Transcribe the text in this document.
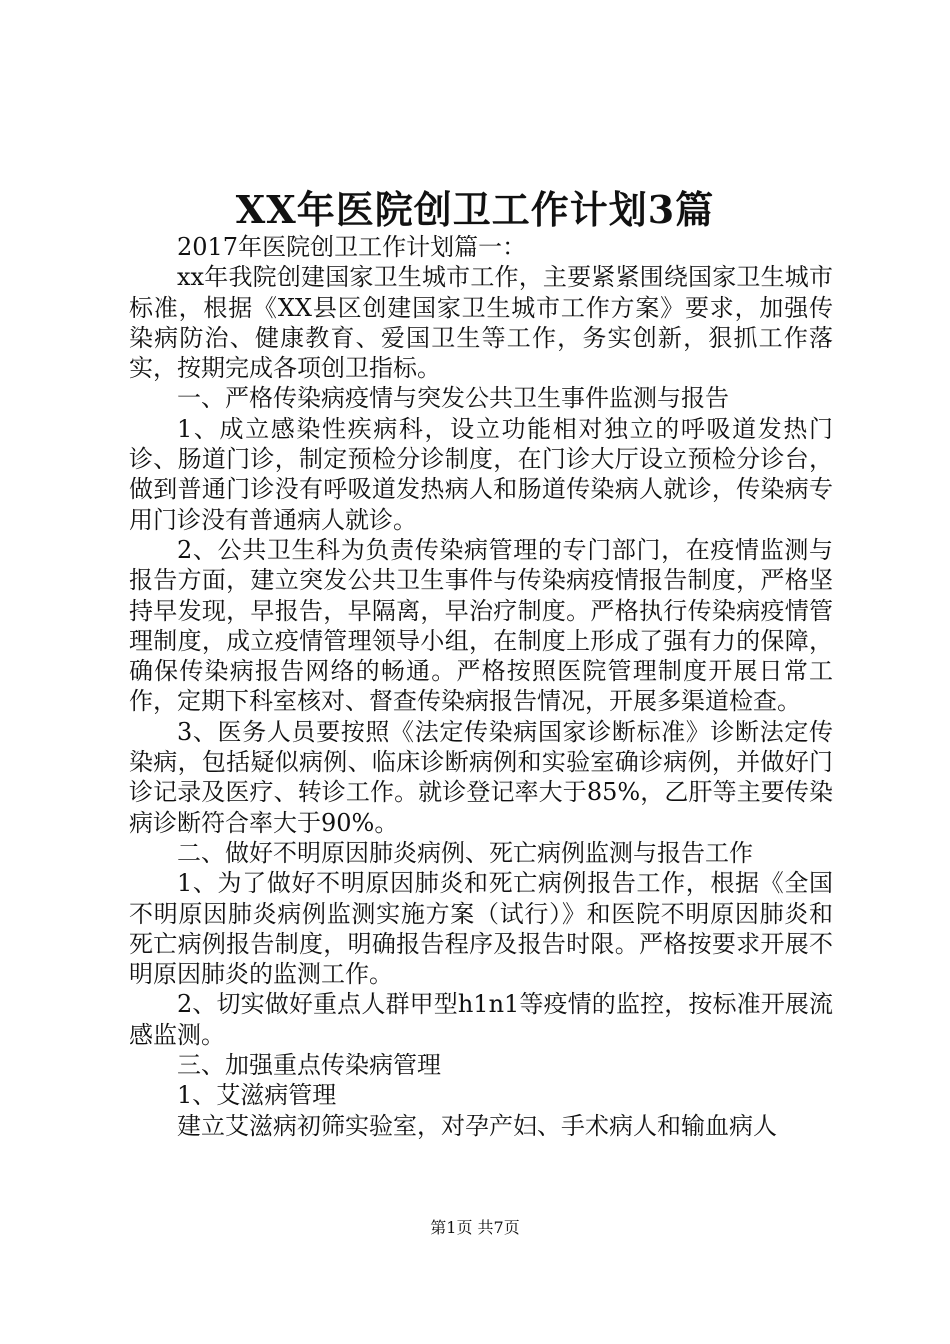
XX年医院创卫工作计划3篇

2017年医院创卫工作计划篇一：

xx年我院创建国家卫生城市工作，主要紧紧围绕国家卫生城市标准，根据《XX县区创建国家卫生城市工作方案》要求，加强传染病防治、健康教育、爱国卫生等工作，务实创新，狠抓工作落实，按期完成各项创卫指标。

一、严格传染病疫情与突发公共卫生事件监测与报告

1、成立感染性疾病科，设立功能相对独立的呼吸道发热门诊、肠道门诊，制定预检分诊制度，在门诊大厅设立预检分诊台，做到普通门诊没有呼吸道发热病人和肠道传染病人就诊，传染病专用门诊没有普通病人就诊。

2、公共卫生科为负责传染病管理的专门部门，在疫情监测与报告方面，建立突发公共卫生事件与传染病疫情报告制度，严格坚持早发现，早报告，早隔离，早治疗制度。严格执行传染病疫情管理制度，成立疫情管理领导小组，在制度上形成了强有力的保障，确保传染病报告网络的畅通。严格按照医院管理制度开展日常工作，定期下科室核对、督查传染病报告情况，开展多渠道检查。

3、医务人员要按照《法定传染病国家诊断标准》诊断法定传染病，包括疑似病例、临床诊断病例和实验室确诊病例，并做好门诊记录及医疗、转诊工作。就诊登记率大于85%，乙肝等主要传染病诊断符合率大于90%。

二、做好不明原因肺炎病例、死亡病例监测与报告工作

1、为了做好不明原因肺炎和死亡病例报告工作，根据《全国不明原因肺炎病例监测实施方案（试行）》和医院不明原因肺炎和死亡病例报告制度，明确报告程序及报告时限。严格按要求开展不明原因肺炎的监测工作。

2、切实做好重点人群甲型h1n1等疫情的监控，按标准开展流感监测。

三、加强重点传染病管理

1、艾滋病管理

建立艾滋病初筛实验室，对孕产妇、手术病人和输血病人

第1页 共7页
